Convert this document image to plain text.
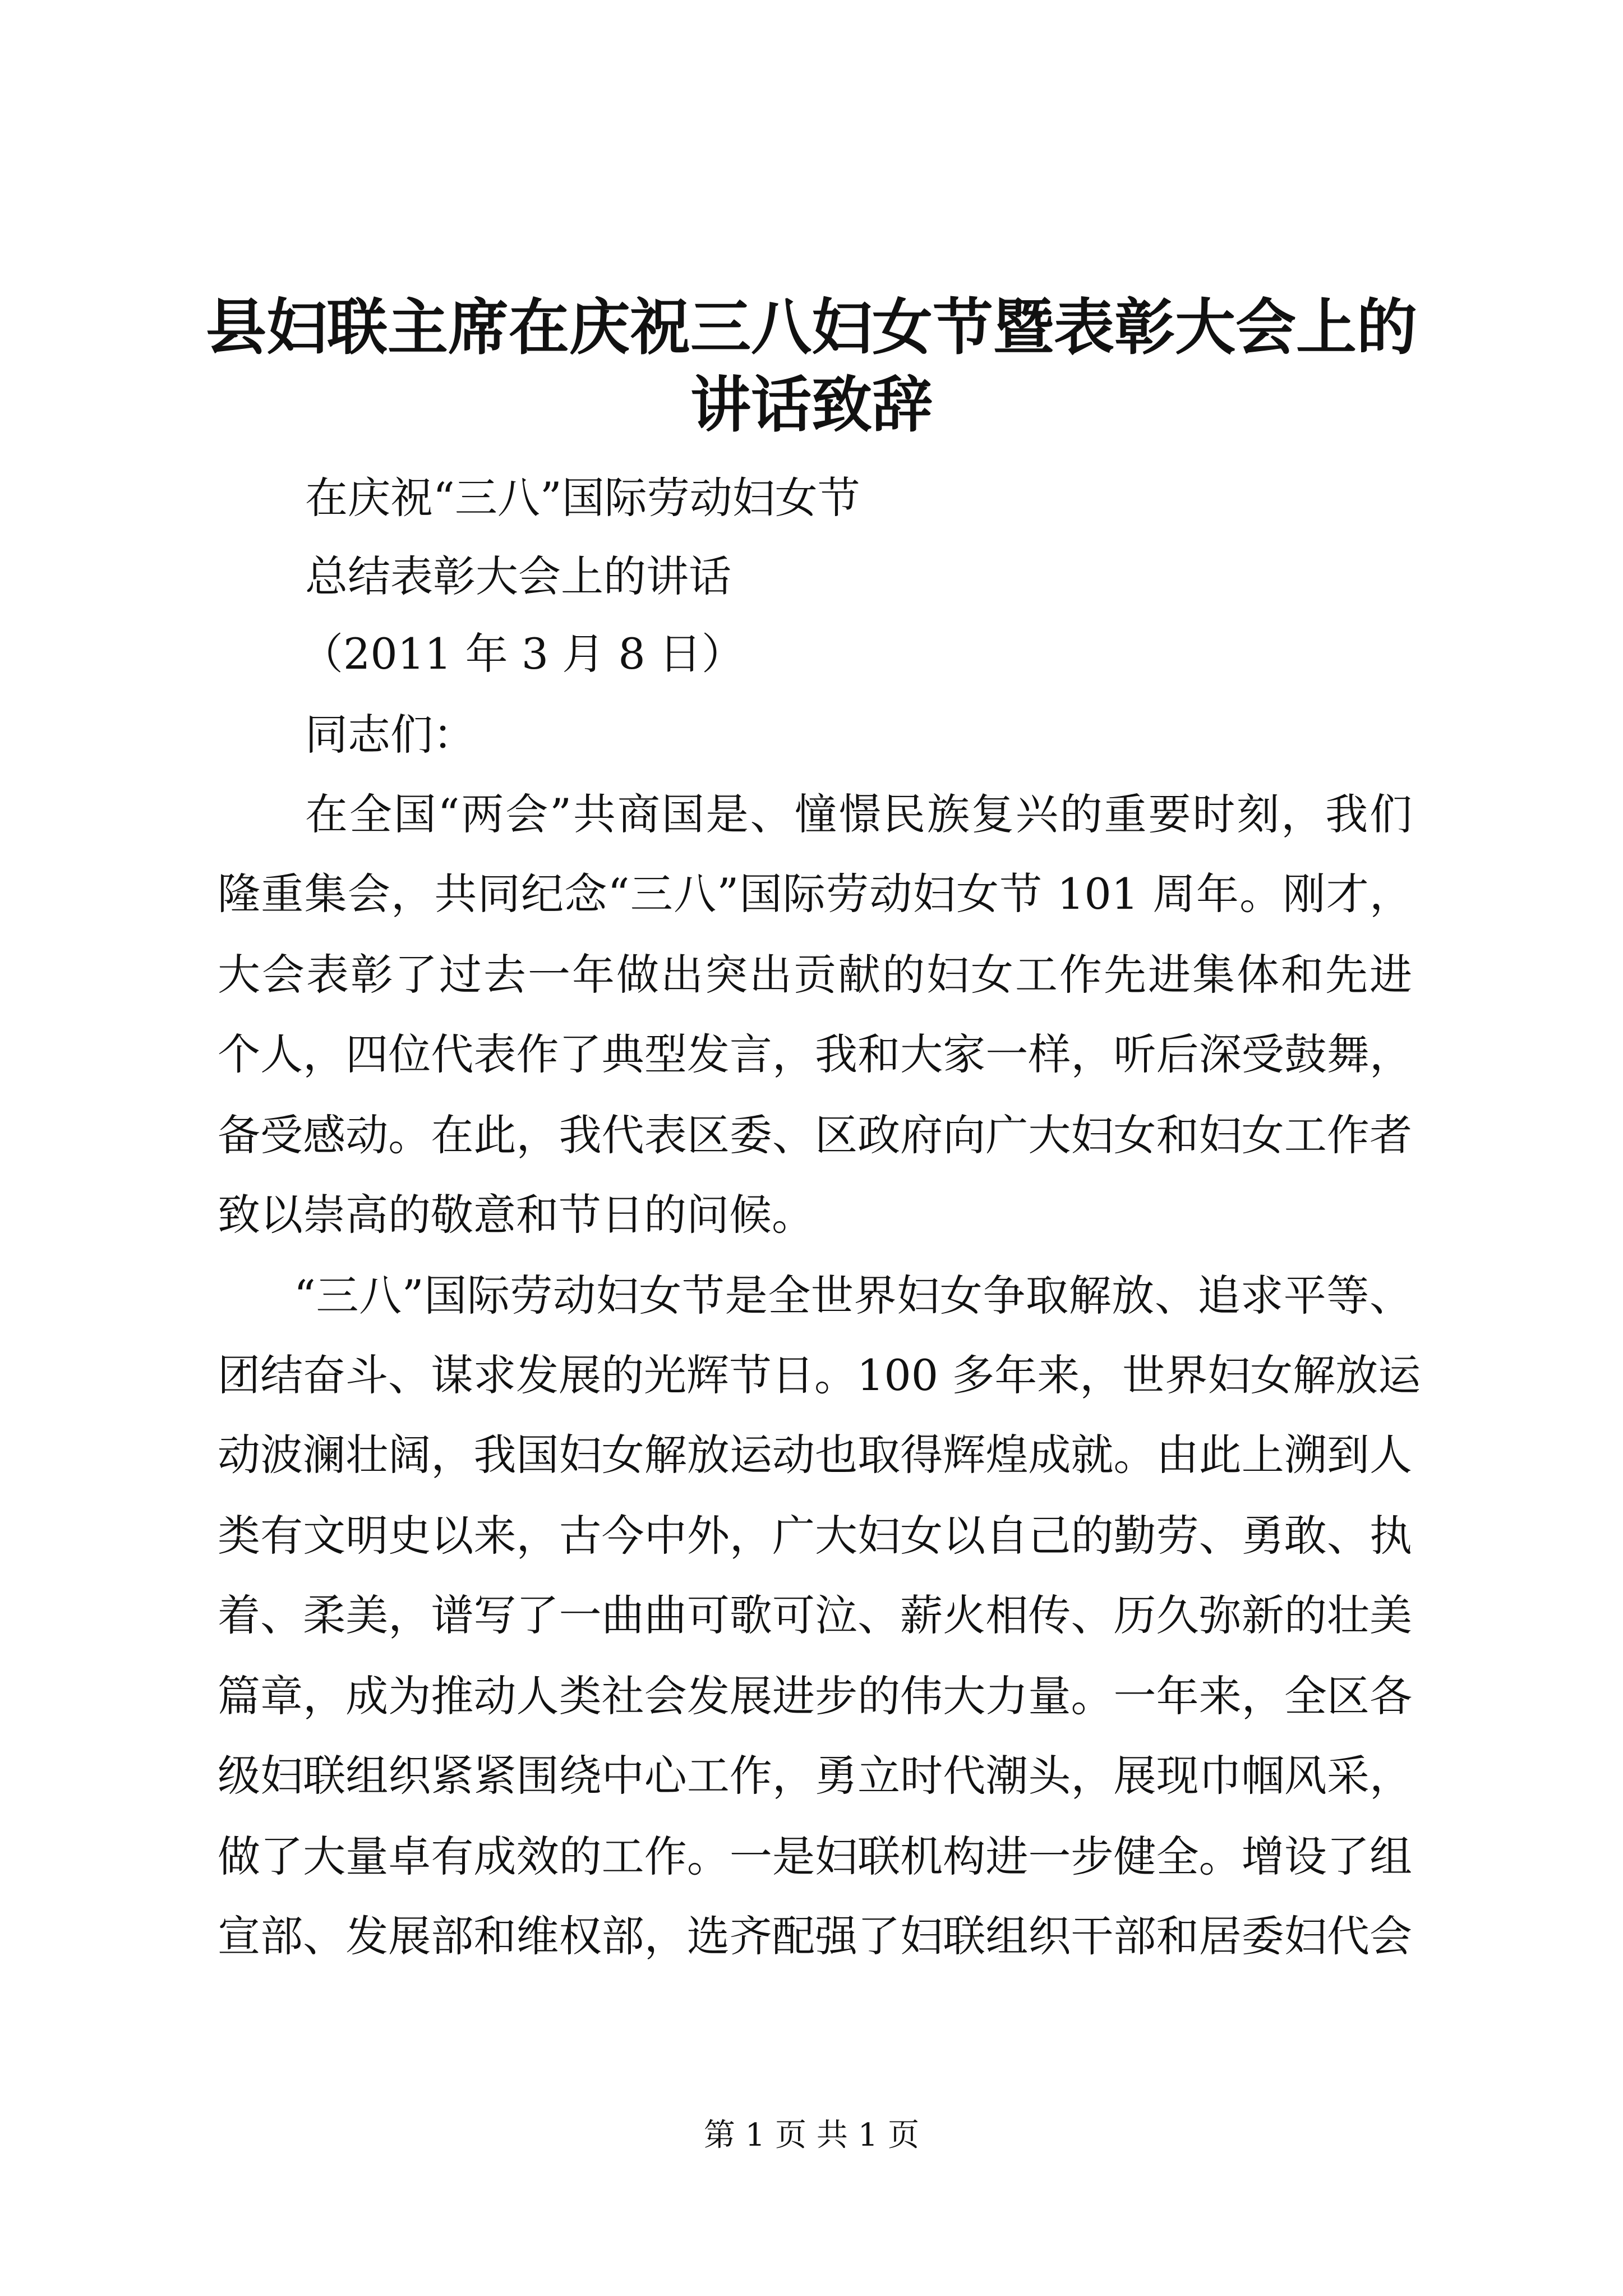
县妇联主席在庆祝三八妇女节暨表彰大会上的
讲话致辞
在庆祝“三八”国际劳动妇女节
总结表彰大会上的讲话
（2011 年 3 月 8 日）
同志们：
在全国“两会”共商国是、憧憬民族复兴的重要时刻，我们
隆重集会，共同纪念“三八”国际劳动妇女节 101 周年。刚才，
大会表彰了过去一年做出突出贡献的妇女工作先进集体和先进
个人，四位代表作了典型发言，我和大家一样，听后深受鼓舞，
备受感动。在此，我代表区委、区政府向广大妇女和妇女工作者
致以崇高的敬意和节日的问候。
“三八”国际劳动妇女节是全世界妇女争取解放、追求平等、
团结奋斗、谋求发展的光辉节日。100 多年来，世界妇女解放运
动波澜壮阔，我国妇女解放运动也取得辉煌成就。由此上溯到人
类有文明史以来，古今中外，广大妇女以自己的勤劳、勇敢、执
着、柔美，谱写了一曲曲可歌可泣、薪火相传、历久弥新的壮美
篇章，成为推动人类社会发展进步的伟大力量。一年来，全区各
级妇联组织紧紧围绕中心工作，勇立时代潮头，展现巾帼风采，
做了大量卓有成效的工作。一是妇联机构进一步健全。增设了组
宣部、发展部和维权部，选齐配强了妇联组织干部和居委妇代会
第 1 页 共 1 页
